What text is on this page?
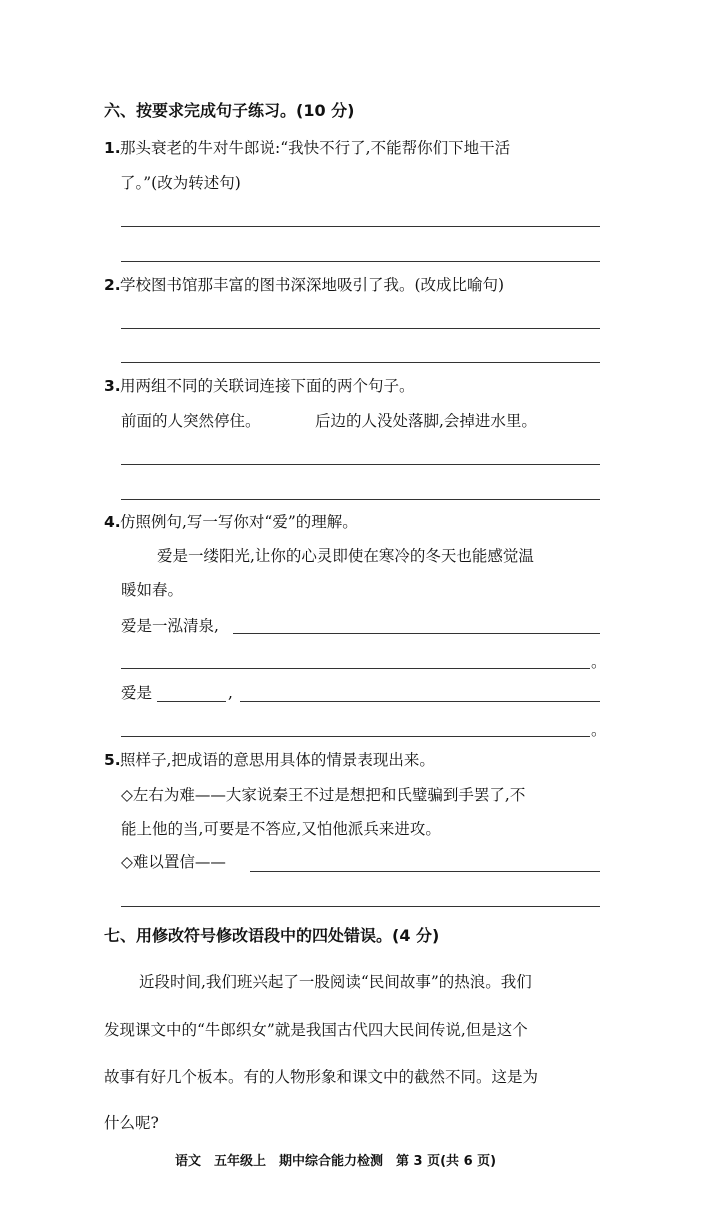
六、按要求完成句子练习。(10 分)
1. 那头衰老的牛对牛郎说:“我快不行了,不能帮你们下地干活
了。”(改为转述句)
2. 学校图书馆那丰富的图书深深地吸引了我。(改成比喻句)
3. 用两组不同的关联词连接下面的两个句子。
前面的人突然停住。	后边的人没处落脚,会掉进水里。
4. 仿照例句,写一写你对“爱”的理解。
爱是一缕阳光,让你的心灵即使在寒冷的冬天也能感觉温
暖如春。
爱是一泓清泉,
。
爱是	,
。
5. 照样子,把成语的意思用具体的情景表现出来。
◇左右为难——大家说秦王不过是想把和氏璧骗到手罢了,不
能上他的当,可要是不答应,又怕他派兵来进攻。
◇难以置信——
七、用修改符号修改语段中的四处错误。(4 分)
近段时间,我们班兴起了一股阅读“民间故事”的热浪。我们
发现课文中的“牛郎织女”就是我国古代四大民间传说,但是这个
故事有好几个板本。有的人物形象和课文中的截然不同。这是为
什么呢?
语文　五年级上　期中综合能力检测　第 3 页(共 6 页)
